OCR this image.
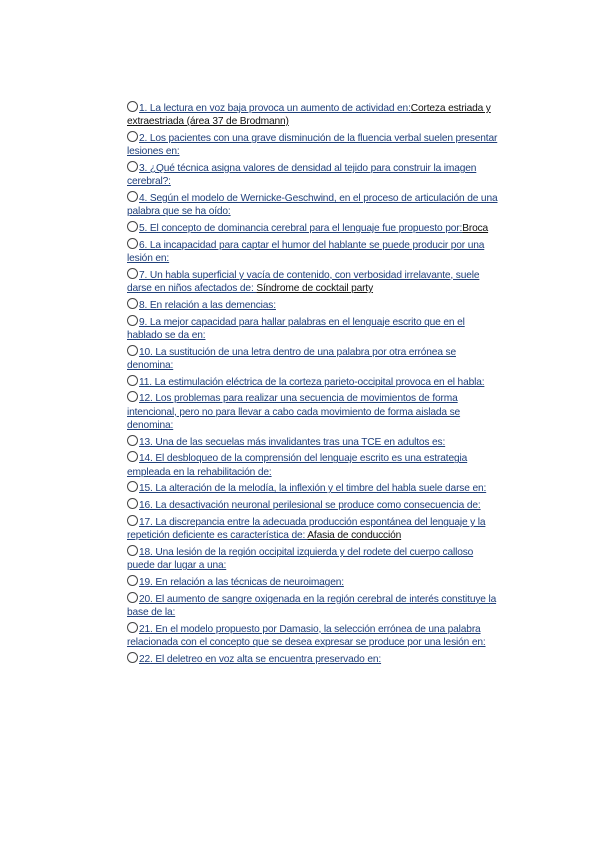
1. La lectura en voz baja provoca un aumento de actividad en:Corteza estriada y extraestriada (área 37 de Brodmann)
2. Los pacientes con una grave disminución de la fluencia verbal suelen presentar lesiones en:
3. ¿Qué técnica asigna valores de densidad al tejido para construir la imagen cerebral?:
4. Según el modelo de Wernicke-Geschwind, en el proceso de articulación de una palabra que se ha oído:
5. El concepto de dominancia cerebral para el lenguaje fue propuesto por:Broca
6. La incapacidad para captar el humor del hablante se puede producir por una lesión en:
7. Un habla superficial y vacía de contenido, con verbosidad irrelavante, suele darse en niños afectados de: Síndrome de cocktail party
8. En relación a las demencias:
9. La mejor capacidad para hallar palabras en el lenguaje escrito que en el hablado se da en:
10. La sustitución de una letra dentro de una palabra por otra errónea se denomina:
11. La estimulación eléctrica de la corteza parieto-occipital provoca en el habla:
12. Los problemas para realizar una secuencia de movimientos de forma intencional, pero no para llevar a cabo cada movimiento de forma aislada se denomina:
13. Una de las secuelas más invalidantes tras una TCE en adultos es:
14. El desbloqueo de la comprensión del lenguaje escrito es una estrategia empleada en la rehabilitación de:
15. La alteración de la melodía, la inflexión y el timbre del habla suele darse en:
16. La desactivación neuronal perilesional se produce como consecuencia de:
17. La discrepancia entre la adecuada producción espontánea del lenguaje y la repetición deficiente es característica de: Afasia de conducción
18. Una lesión de la región occipital izquierda y del rodete del cuerpo calloso puede dar lugar a una:
19. En relación a las técnicas de neuroimagen:
20. El aumento de sangre oxigenada en la región cerebral de interés constituye la base de la:
21. En el modelo propuesto por Damasio, la selección errónea de una palabra relacionada con el concepto que se desea expresar se produce por una lesión en:
22. El deletreo en voz alta se encuentra preservado en:
